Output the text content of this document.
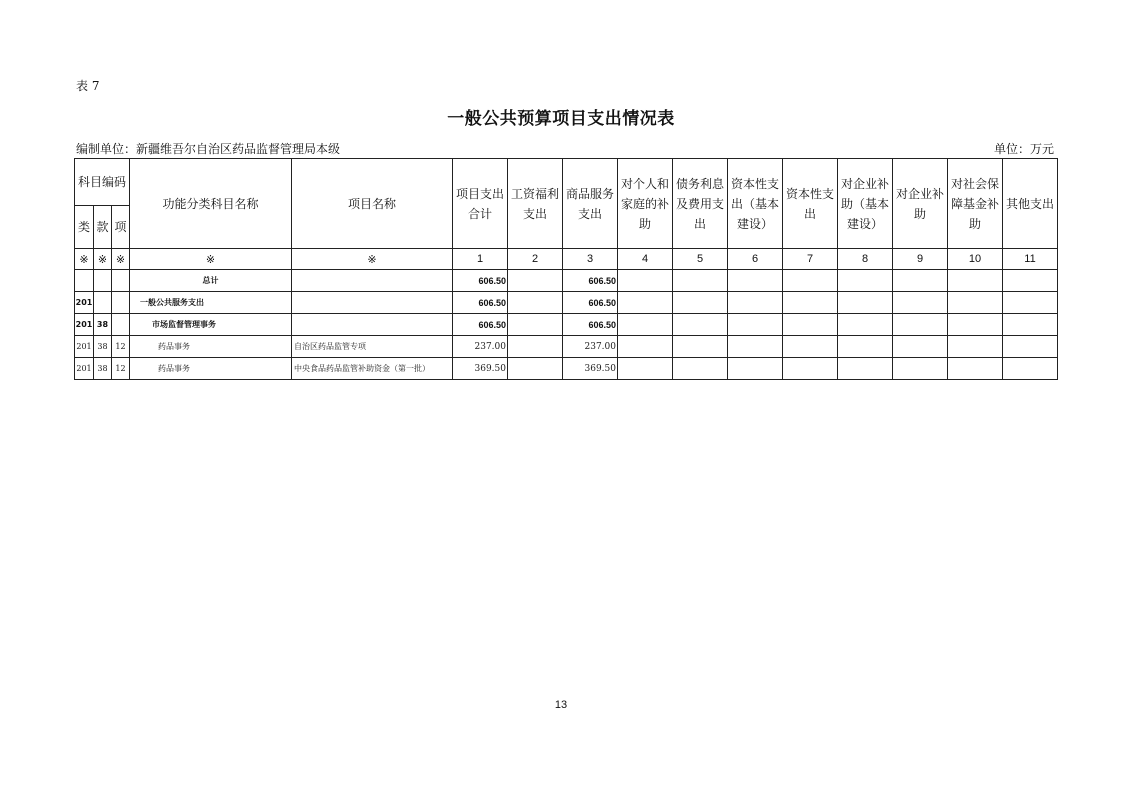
表 7
一般公共预算项目支出情况表
编制单位：新疆维吾尔自治区药品监督管理局本级	单位：万元
科目编码			功能分类科目名称	项目名称	项目支出合计	工资福利支出	商品服务支出	对个人和家庭的补助	债务利息及费用支出	资本性支出（基本建设）	资本性支出	对企业补助（基本建设）	对企业补助	对社会保障基金补助	其他支出
类	款	项													
※	※	※	※	※	1	2	3	4	5	6	7	8	9	10	11
			总计		606.50		606.50								
201			一般公共服务支出		606.50		606.50								
201	38		市场监督管理事务		606.50		606.50								
201	38	12	药品事务	自治区药品监管专项	237.00		237.00								
201	38	12	药品事务	中央食品药品监管补助资金（第一批）	369.50		369.50								
13
